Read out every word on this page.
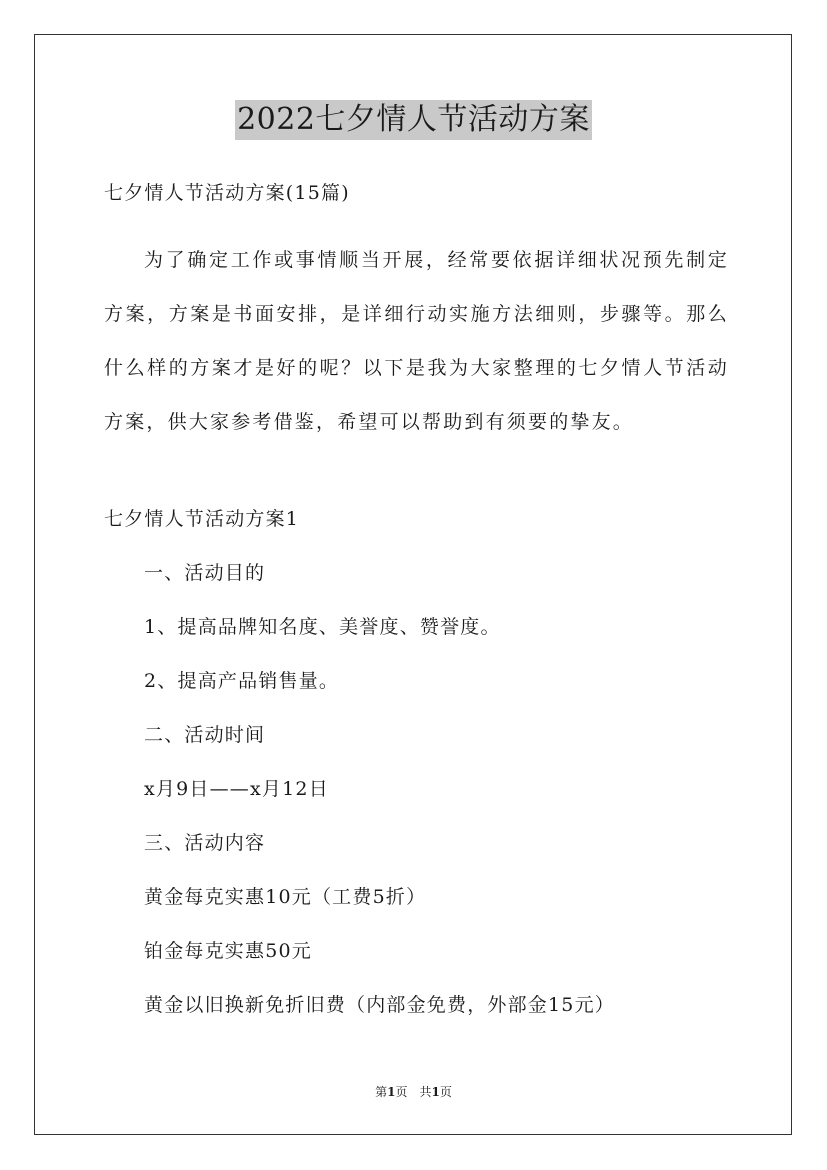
2022七夕情人节活动方案
七夕情人节活动方案(15篇)
为了确定工作或事情顺当开展，经常要依据详细状况预先制定方案，方案是书面安排，是详细行动实施方法细则，步骤等。那么什么样的方案才是好的呢？以下是我为大家整理的七夕情人节活动方案，供大家参考借鉴，希望可以帮助到有须要的挚友。
七夕情人节活动方案1
一、活动目的
1、提高品牌知名度、美誉度、赞誉度。
2、提高产品销售量。
二、活动时间
x月9日——x月12日
三、活动内容
黄金每克实惠10元（工费5折）
铂金每克实惠50元
黄金以旧换新免折旧费（内部金免费，外部金15元）
第1页　共1页
